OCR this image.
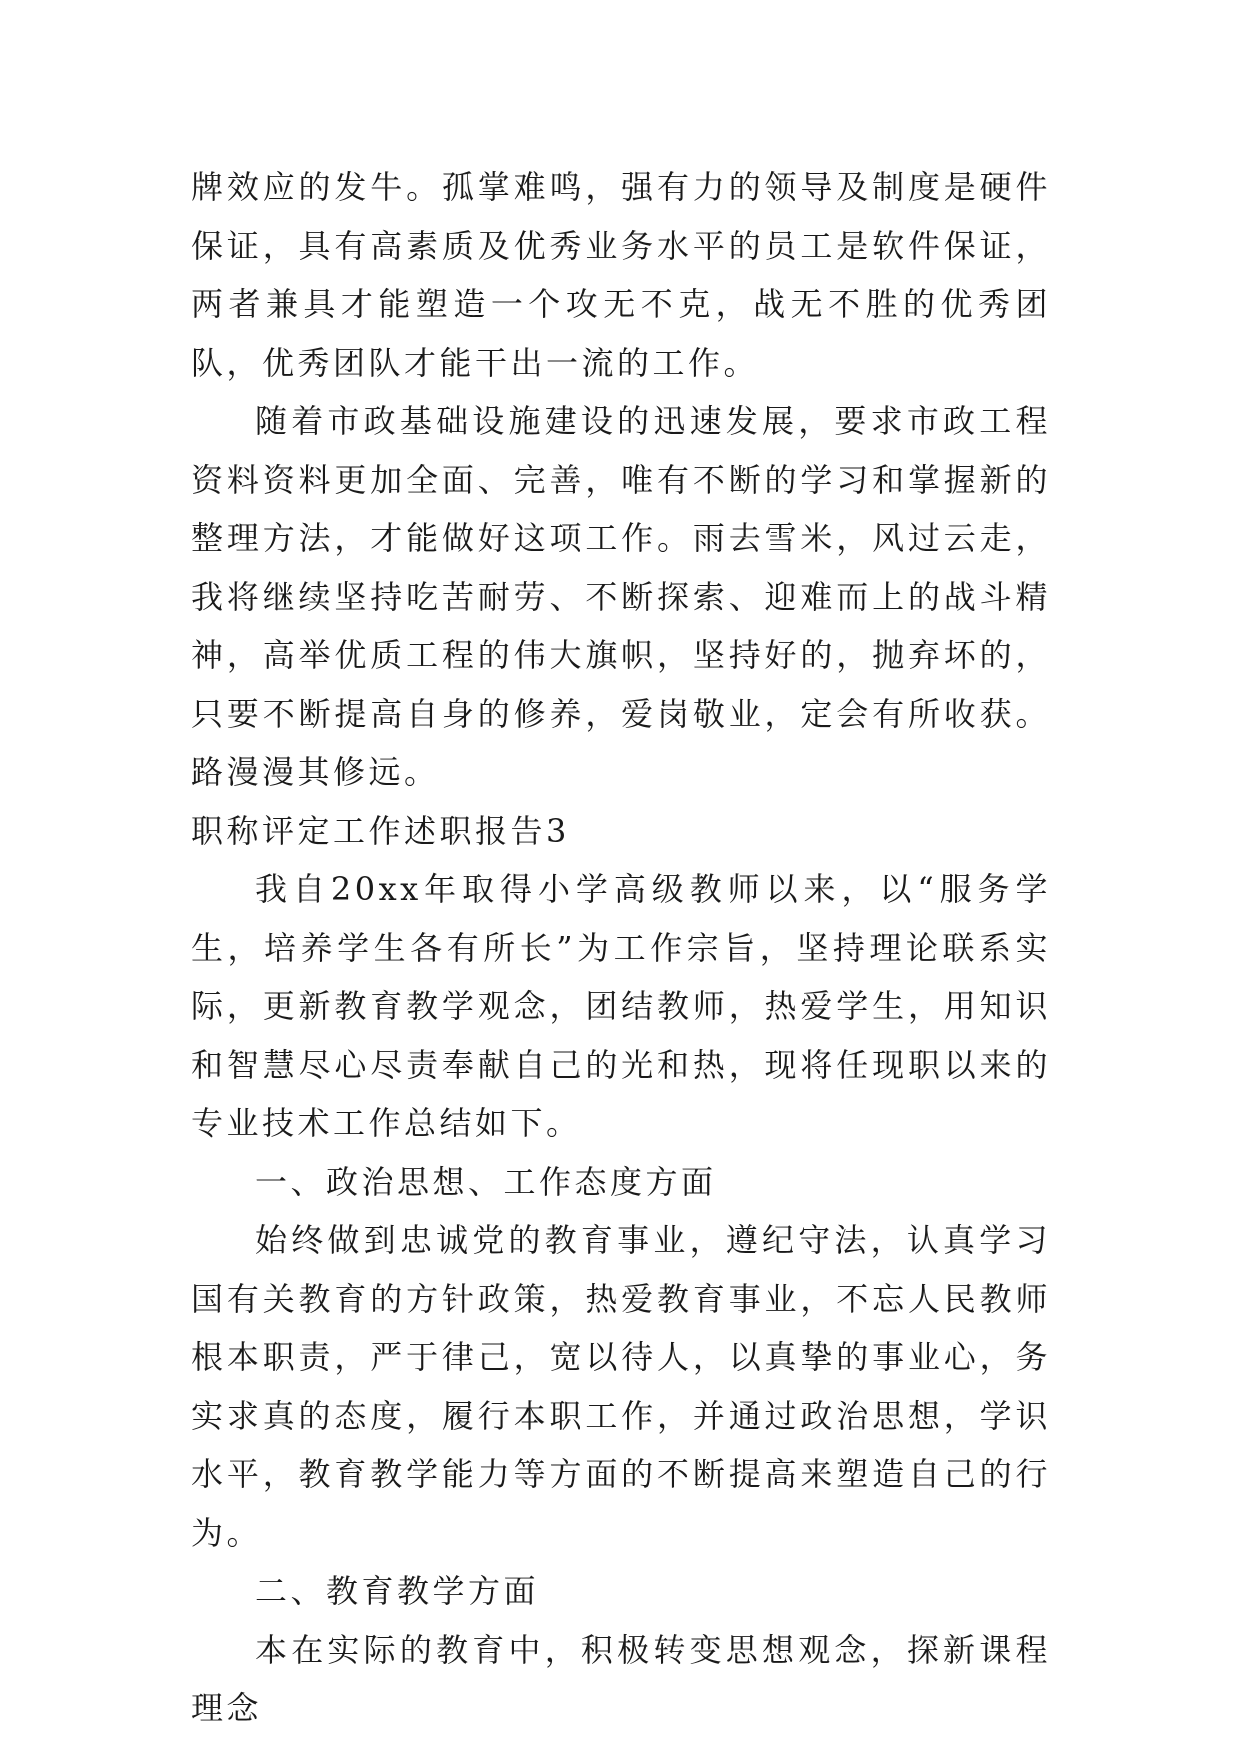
牌效应的发牛。孤掌难鸣，强有力的领导及制度是硬件保证，具有高素质及优秀业务水平的员工是软件保证，两者兼具才能塑造一个攻无不克，战无不胜的优秀团队，优秀团队才能干出一流的工作。

随着市政基础设施建设的迅速发展，要求市政工程资料资料更加全面、完善，唯有不断的学习和掌握新的整理方法，才能做好这项工作。雨去雪米，风过云走，我将继续坚持吃苦耐劳、不断探索、迎难而上的战斗精神，高举优质工程的伟大旗帜，坚持好的，抛弃坏的，只要不断提高自身的修养，爱岗敬业，定会有所收获。路漫漫其修远。

职称评定工作述职报告3

我自20xx年取得小学高级教师以来，以“服务学生，培养学生各有所长”为工作宗旨，坚持理论联系实际，更新教育教学观念，团结教师，热爱学生，用知识和智慧尽心尽责奉献自己的光和热，现将任现职以来的专业技术工作总结如下。

一、政治思想、工作态度方面

始终做到忠诚党的教育事业，遵纪守法，认真学习国有关教育的方针政策，热爱教育事业，不忘人民教师根本职责，严于律己，宽以待人，以真挚的事业心，务实求真的态度，履行本职工作，并通过政治思想，学识水平，教育教学能力等方面的不断提高来塑造自己的行为。

二、教育教学方面

本在实际的教育中，积极转变思想观念，探新课程理念
